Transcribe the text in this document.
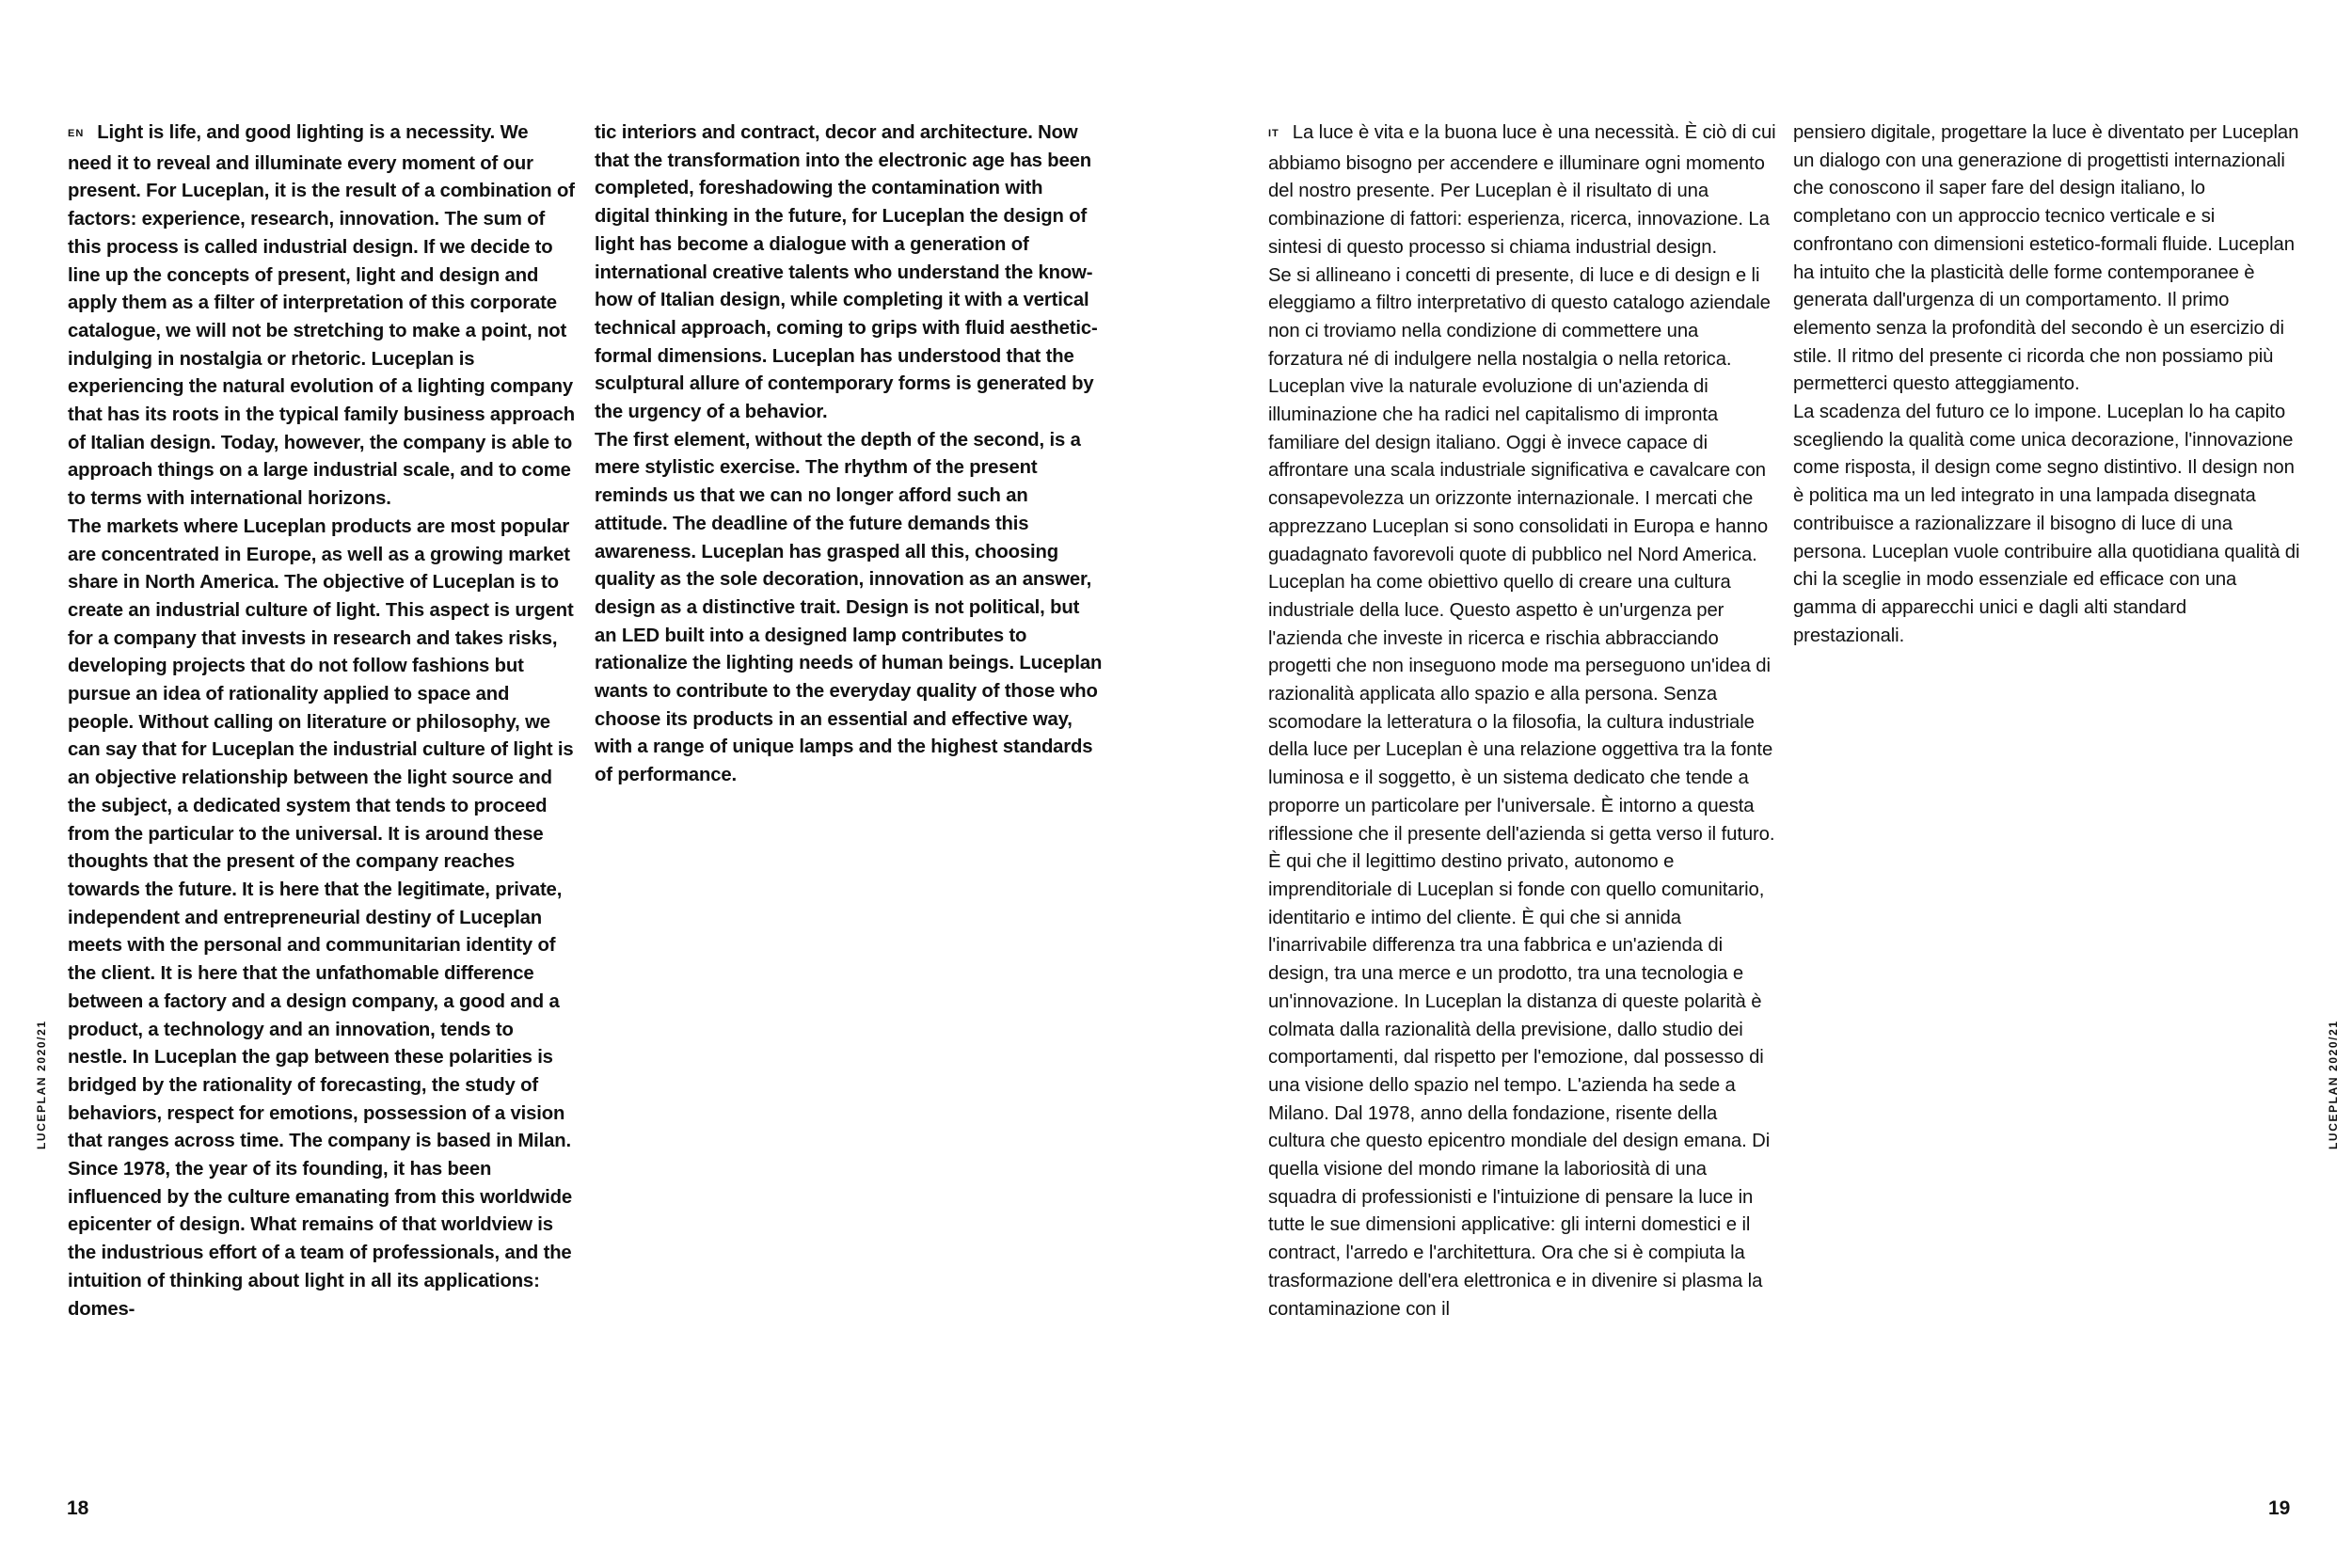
EN Light is life, and good lighting is a necessity. We need it to reveal and illuminate every moment of our present. For Luceplan, it is the result of a combination of factors: experience, research, innovation. The sum of this process is called industrial design. If we decide to line up the concepts of present, light and design and apply them as a filter of interpretation of this corporate catalogue, we will not be stretching to make a point, not indulging in nostalgia or rhetoric. Luceplan is experiencing the natural evolution of a lighting company that has its roots in the typical family business approach of Italian design. Today, however, the company is able to approach things on a large industrial scale, and to come to terms with international horizons.

The markets where Luceplan products are most popular are concentrated in Europe, as well as a growing market share in North America. The objective of Luceplan is to create an industrial culture of light. This aspect is urgent for a company that invests in research and takes risks, developing projects that do not follow fashions but pursue an idea of rationality applied to space and people. Without calling on literature or philosophy, we can say that for Luceplan the industrial culture of light is an objective relationship between the light source and the subject, a dedicated system that tends to proceed from the particular to the universal. It is around these thoughts that the present of the company reaches towards the future. It is here that the legitimate, private, independent and entrepreneurial destiny of Luceplan meets with the personal and communitarian identity of the client. It is here that the unfathomable difference between a factory and a design company, a good and a product, a technology and an innovation, tends to nestle. In Luceplan the gap between these polarities is bridged by the rationality of forecasting, the study of behaviors, respect for emotions, possession of a vision that ranges across time. The company is based in Milan. Since 1978, the year of its founding, it has been influenced by the culture emanating from this worldwide epicenter of design. What remains of that worldview is the industrious effort of a team of professionals, and the intuition of thinking about light in all its applications: domes-

tic interiors and contract, decor and architecture. Now that the transformation into the electronic age has been completed, foreshadowing the contamination with digital thinking in the future, for Luceplan the design of light has become a dialogue with a generation of international creative talents who understand the know-how of Italian design, while completing it with a vertical technical approach, coming to grips with fluid aesthetic-formal dimensions. Luceplan has understood that the sculptural allure of contemporary forms is generated by the urgency of a behavior.

The first element, without the depth of the second, is a mere stylistic exercise. The rhythm of the present reminds us that we can no longer afford such an attitude. The deadline of the future demands this awareness. Luceplan has grasped all this, choosing quality as the sole decoration, innovation as an answer, design as a distinctive trait. Design is not political, but an LED built into a designed lamp contributes to rationalize the lighting needs of human beings. Luceplan wants to contribute to the everyday quality of those who choose its products in an essential and effective way, with a range of unique lamps and the highest standards of performance.

IT La luce è vita e la buona luce è una necessità. È ciò di cui abbiamo bisogno per accendere e illuminare ogni momento del nostro presente. Per Luceplan è il risultato di una combinazione di fattori: esperienza, ricerca, innovazione. La sintesi di questo processo si chiama industrial design.

Se si allineano i concetti di presente, di luce e di design e li eleggiamo a filtro interpretativo di questo catalogo aziendale non ci troviamo nella condizione di commettere una forzatura né di indulgere nella nostalgia o nella retorica.

Luceplan vive la naturale evoluzione di un'azienda di illuminazione che ha radici nel capitalismo di impronta familiare del design italiano. Oggi è invece capace di affrontare una scala industriale significativa e cavalcare con consapevolezza un orizzonte internazionale. I mercati che apprezzano Luceplan si sono consolidati in Europa e hanno guadagnato favorevoli quote di pubblico nel Nord America. Luceplan ha come obiettivo quello di creare una cultura industriale della luce. Questo aspetto è un'urgenza per l'azienda che investe in ricerca e rischia abbracciando progetti che non inseguono mode ma perseguono un'idea di razionalità applicata allo spazio e alla persona. Senza scomodare la letteratura o la filosofia, la cultura industriale della luce per Luceplan è una relazione oggettiva tra la fonte luminosa e il soggetto, è un sistema dedicato che tende a proporre un particolare per l'universale. È intorno a questa riflessione che il presente dell'azienda si getta verso il futuro. È qui che il legittimo destino privato, autonomo e imprenditoriale di Luceplan si fonde con quello comunitario, identitario e intimo del cliente. È qui che si annida l'inarrivabile differenza tra una fabbrica e un'azienda di design, tra una merce e un prodotto, tra una tecnologia e un'innovazione. In Luceplan la distanza di queste polarità è colmata dalla razionalità della previsione, dallo studio dei comportamenti, dal rispetto per l'emozione, dal possesso di una visione dello spazio nel tempo. L'azienda ha sede a Milano. Dal 1978, anno della fondazione, risente della cultura che questo epicentro mondiale del design emana. Di quella visione del mondo rimane la laboriosità di una squadra di professionisti e l'intuizione di pensare la luce in tutte le sue dimensioni applicative: gli interni domestici e il contract, l'arredo e l'architettura. Ora che si è compiuta la trasformazione dell'era elettronica e in divenire si plasma la contaminazione con il

pensiero digitale, progettare la luce è diventato per Luceplan un dialogo con una generazione di progettisti internazionali che conoscono il saper fare del design italiano, lo completano con un approccio tecnico verticale e si confrontano con dimensioni estetico-formali fluide. Luceplan ha intuito che la plasticità delle forme contemporanee è generata dall'urgenza di un comportamento. Il primo elemento senza la profondità del secondo è un esercizio di stile. Il ritmo del presente ci ricorda che non possiamo più permetterci questo atteggiamento.

La scadenza del futuro ce lo impone. Luceplan lo ha capito scegliendo la qualità come unica decorazione, l'innovazione come risposta, il design come segno distintivo. Il design non è politica ma un led integrato in una lampada disegnata contribuisce a razionalizzare il bisogno di luce di una persona. Luceplan vuole contribuire alla quotidiana qualità di chi la sceglie in modo essenziale ed efficace con una gamma di apparecchi unici e dagli alti standard prestazionali.

LUCEPLAN 2020/21	LUCEPLAN 2020/21
18	19
